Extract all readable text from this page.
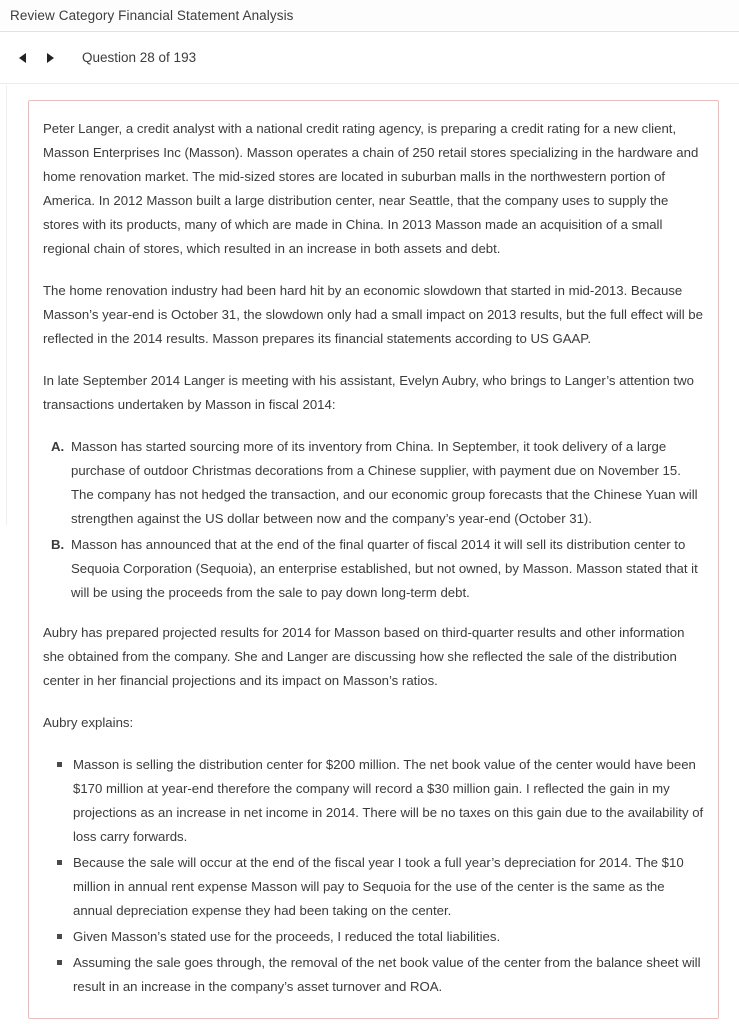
Review Category Financial Statement Analysis
Question 28 of 193

Peter Langer, a credit analyst with a national credit rating agency, is preparing a credit rating for a new client, Masson Enterprises Inc (Masson). Masson operates a chain of 250 retail stores specializing in the hardware and home renovation market. The mid-sized stores are located in suburban malls in the northwestern portion of America. In 2012 Masson built a large distribution center, near Seattle, that the company uses to supply the stores with its products, many of which are made in China. In 2013 Masson made an acquisition of a small regional chain of stores, which resulted in an increase in both assets and debt.

The home renovation industry had been hard hit by an economic slowdown that started in mid-2013. Because Masson’s year-end is October 31, the slowdown only had a small impact on 2013 results, but the full effect will be reflected in the 2014 results. Masson prepares its financial statements according to US GAAP.

In late September 2014 Langer is meeting with his assistant, Evelyn Aubry, who brings to Langer’s attention two transactions undertaken by Masson in fiscal 2014:

A. Masson has started sourcing more of its inventory from China. In September, it took delivery of a large purchase of outdoor Christmas decorations from a Chinese supplier, with payment due on November 15. The company has not hedged the transaction, and our economic group forecasts that the Chinese Yuan will strengthen against the US dollar between now and the company’s year-end (October 31).
B. Masson has announced that at the end of the final quarter of fiscal 2014 it will sell its distribution center to Sequoia Corporation (Sequoia), an enterprise established, but not owned, by Masson. Masson stated that it will be using the proceeds from the sale to pay down long-term debt.

Aubry has prepared projected results for 2014 for Masson based on third-quarter results and other information she obtained from the company. She and Langer are discussing how she reflected the sale of the distribution center in her financial projections and its impact on Masson’s ratios.

Aubry explains:

Masson is selling the distribution center for $200 million. The net book value of the center would have been $170 million at year-end therefore the company will record a $30 million gain. I reflected the gain in my projections as an increase in net income in 2014. There will be no taxes on this gain due to the availability of loss carry forwards.
Because the sale will occur at the end of the fiscal year I took a full year’s depreciation for 2014. The $10 million in annual rent expense Masson will pay to Sequoia for the use of the center is the same as the annual depreciation expense they had been taking on the center.
Given Masson’s stated use for the proceeds, I reduced the total liabilities.
Assuming the sale goes through, the removal of the net book value of the center from the balance sheet will result in an increase in the company’s asset turnover and ROA.
